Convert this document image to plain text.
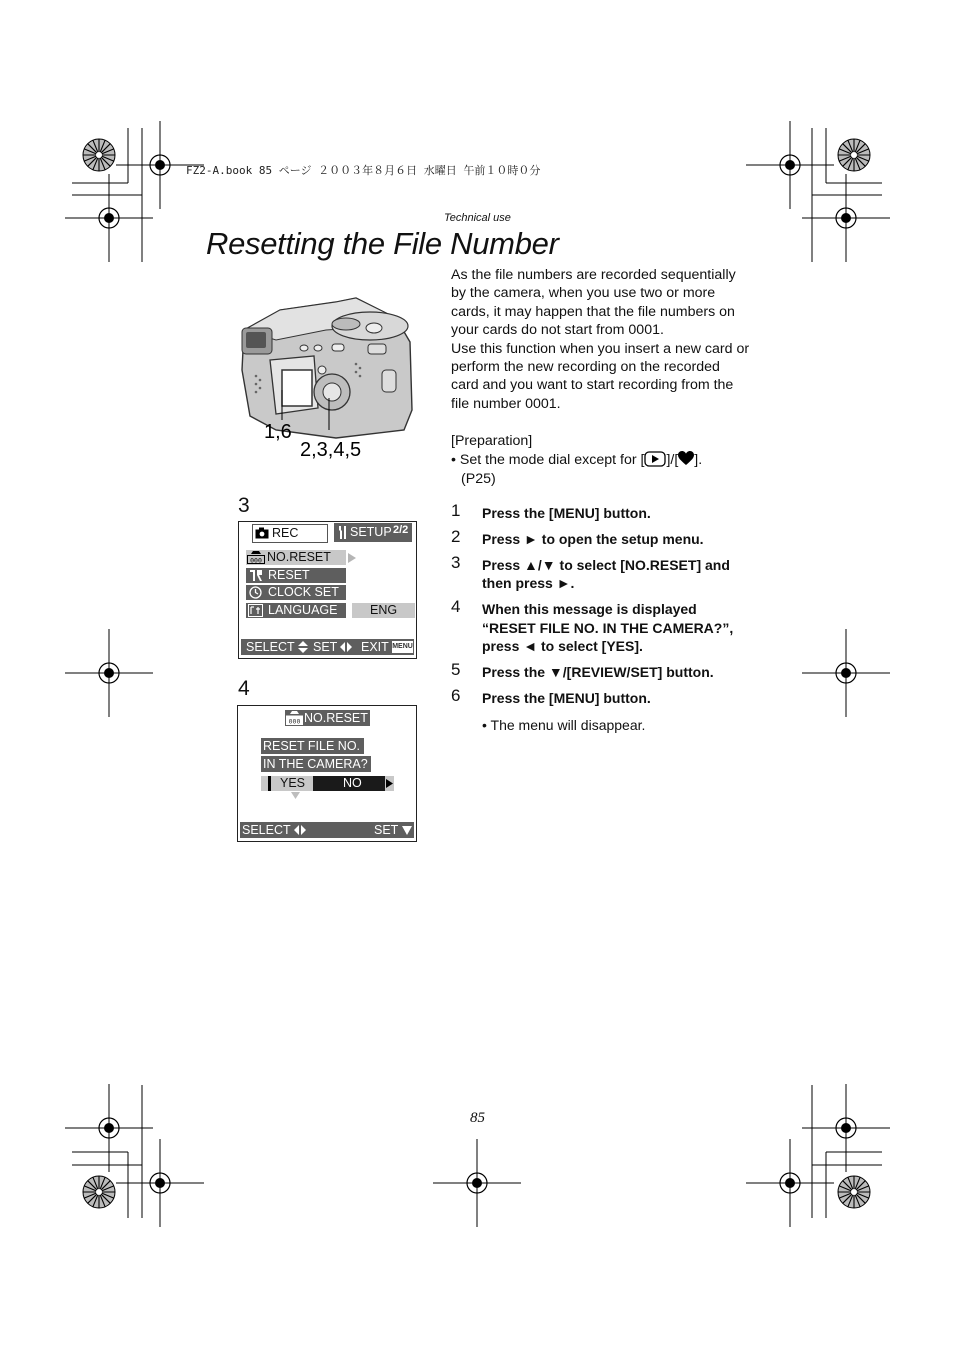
FZ2-A.book 85 ページ ２００３年８月６日 水曜日 午前１０時０分
Technical use
Resetting the File Number

As the file numbers are recorded sequentially by the camera, when you use two or more cards, it may happen that the file numbers on your cards do not start from 0001.

Use this function when you insert a new card or perform the new recording on the recorded card and you want to start recording from the file number 0001.

[Preparation]

• Set the mode dial except for [ ]/[ ].
(P25)

1 Press the [MENU] button.
2 Press ► to open the setup menu.
3 Press ▲/▼ to select [NO.RESET] and then press ►.
4 When this message is displayed “RESET FILE NO. IN THE CAMERA?”, press ◄ to select [YES].
5 Press the ▼/[REVIEW/SET] button.
6 Press the [MENU] button.
• The menu will disappear.
1,6
2,3,4,5
3
REC	SETUP 2/2
000 NO.RESET
RESET
CLOCK SET
LANGUAGE	ENG
SELECT SET EXIT MENU
4
000 NO.RESET
RESET FILE NO.
IN THE CAMERA?
YES	NO
SELECT	SET
85
